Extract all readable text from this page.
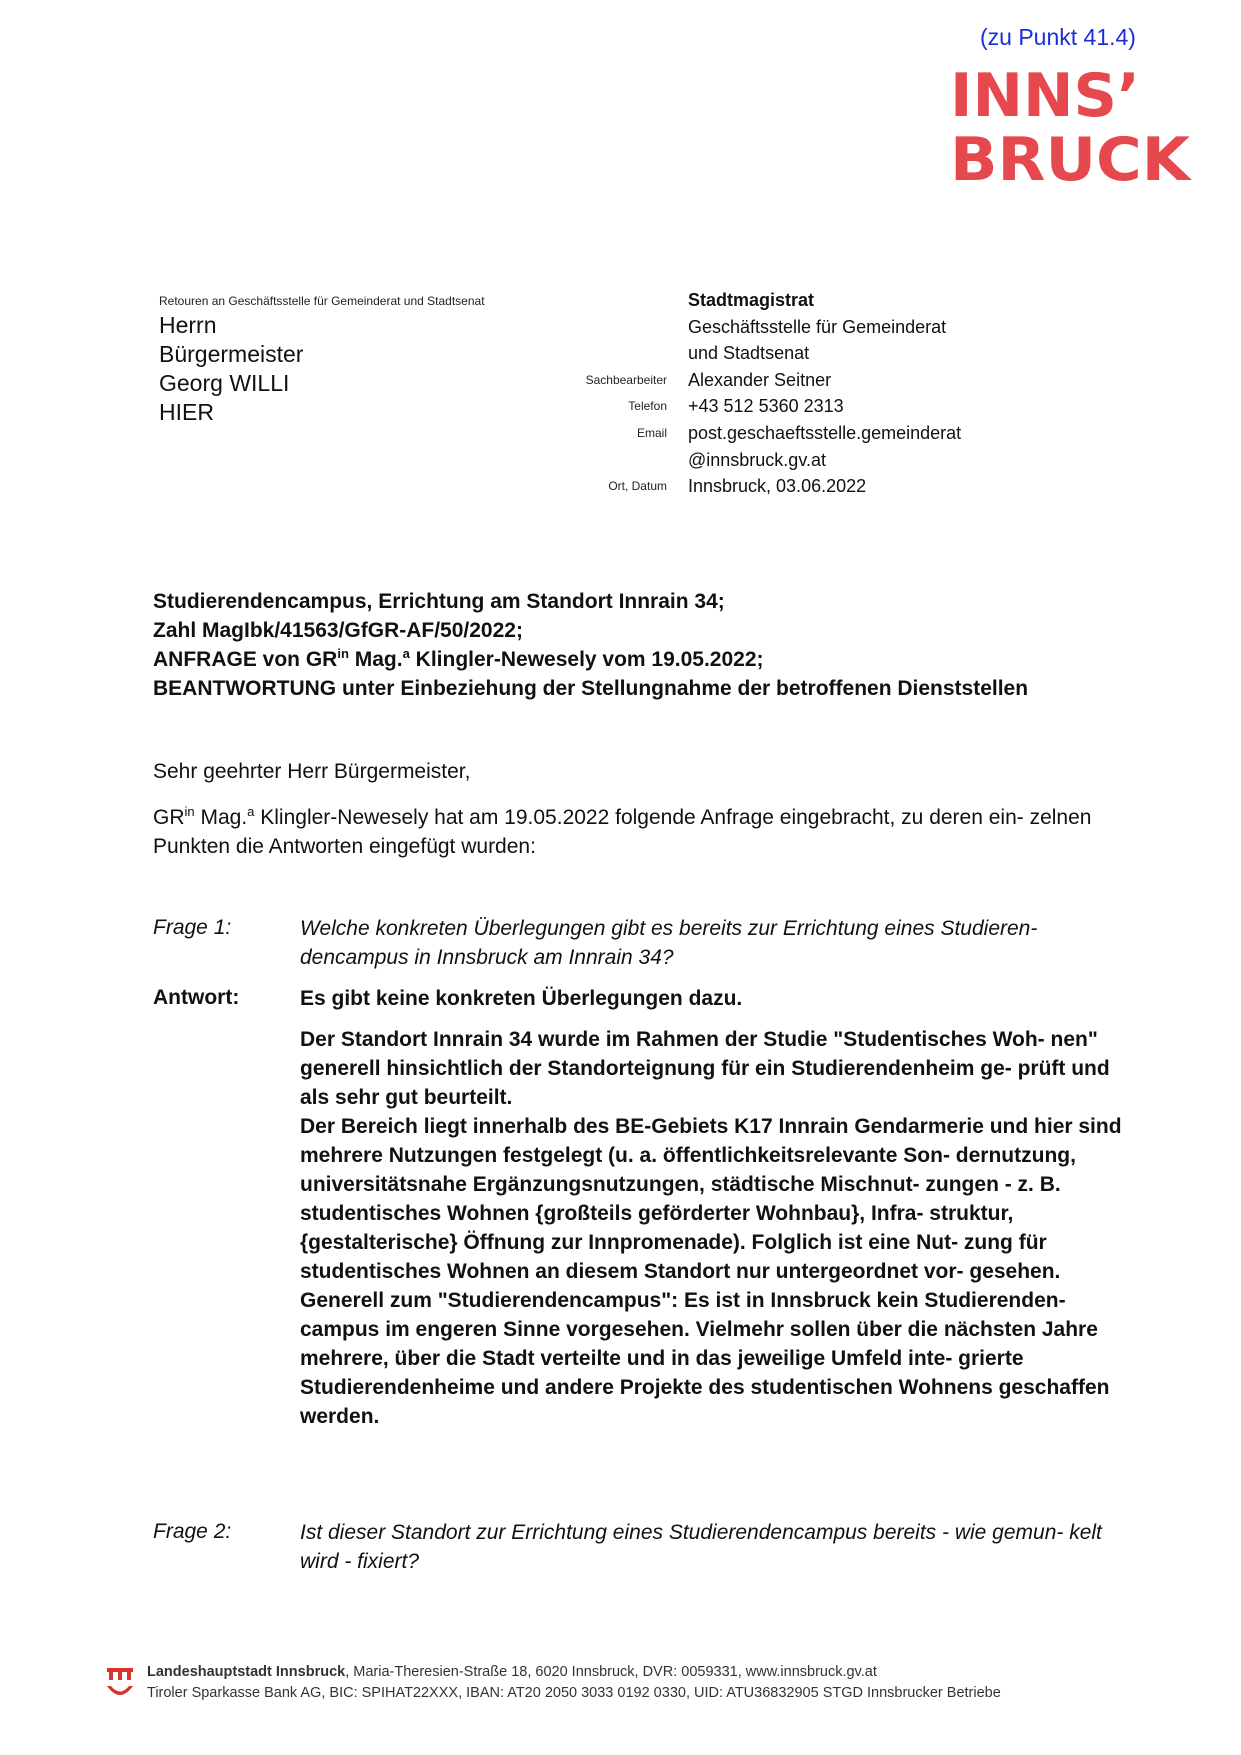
(zu Punkt 41.4)
INNS’
BRUCK
Retouren an Geschäftsstelle für Gemeinderat und Stadtsenat
Herrn
Bürgermeister
Georg WILLI
HIER
Stadtmagistrat
Geschäftsstelle für Gemeinderat
und Stadtsenat
Sachbearbeiter Alexander Seitner
Telefon +43 512 5360 2313
Email post.geschaeftsstelle.gemeinderat
@innsbruck.gv.at
Ort, Datum Innsbruck, 03.06.2022
Studierendencampus, Errichtung am Standort Innrain 34;
Zahl MagIbk/41563/GfGR-AF/50/2022;
ANFRAGE von $GR^{in}$ Mag.$^a$ Klingler-Newesely vom 19.05.2022;
BEANTWORTUNG unter Einbeziehung der Stellungnahme der betroffenen Dienststellen
Sehr geehrter Herr Bürgermeister,
$GR^{in}$ Mag.$^a$ Klingler-Newesely hat am 19.05.2022 folgende Anfrage eingebracht, zu deren ein- zelnen Punkten die Antworten eingefügt wurden:
Frage 1:	Welche konkreten Überlegungen gibt es bereits zur Errichtung eines Studieren- dencampus in Innsbruck am Innrain 34?
Antwort:	Es gibt keine konkreten Überlegungen dazu.

Der Standort Innrain 34 wurde im Rahmen der Studie "Studentisches Woh- nen" generell hinsichtlich der Standorteignung für ein Studierendenheim ge- prüft und als sehr gut beurteilt.

Der Bereich liegt innerhalb des BE-Gebiets K17 Innrain Gendarmerie und hier sind mehrere Nutzungen festgelegt (u. a. öffentlichkeitsrelevante Son- dernutzung, universitätsnahe Ergänzungsnutzungen, städtische Mischnut- zungen - z. B. studentisches Wohnen {großteils geförderter Wohnbau}, Infra- struktur, {gestalterische} Öffnung zur Innpromenade). Folglich ist eine Nut- zung für studentisches Wohnen an diesem Standort nur untergeordnet vor- gesehen.

Generell zum "Studierendencampus": Es ist in Innsbruck kein Studierenden- campus im engeren Sinne vorgesehen. Vielmehr sollen über die nächsten Jahre mehrere, über die Stadt verteilte und in das jeweilige Umfeld inte- grierte Studierendenheime und andere Projekte des studentischen Wohnens geschaffen werden.

Frage 2:	Ist dieser Standort zur Errichtung eines Studierendencampus bereits - wie gemun- kelt wird - fixiert?
Landeshauptstadt Innsbruck, Maria-Theresien-Straße 18, 6020 Innsbruck, DVR: 0059331, www.innsbruck.gv.at
Tiroler Sparkasse Bank AG, BIC: SPIHAT22XXX, IBAN: AT20 2050 3033 0192 0330, UID: ATU36832905 STGD Innsbrucker Betriebe
